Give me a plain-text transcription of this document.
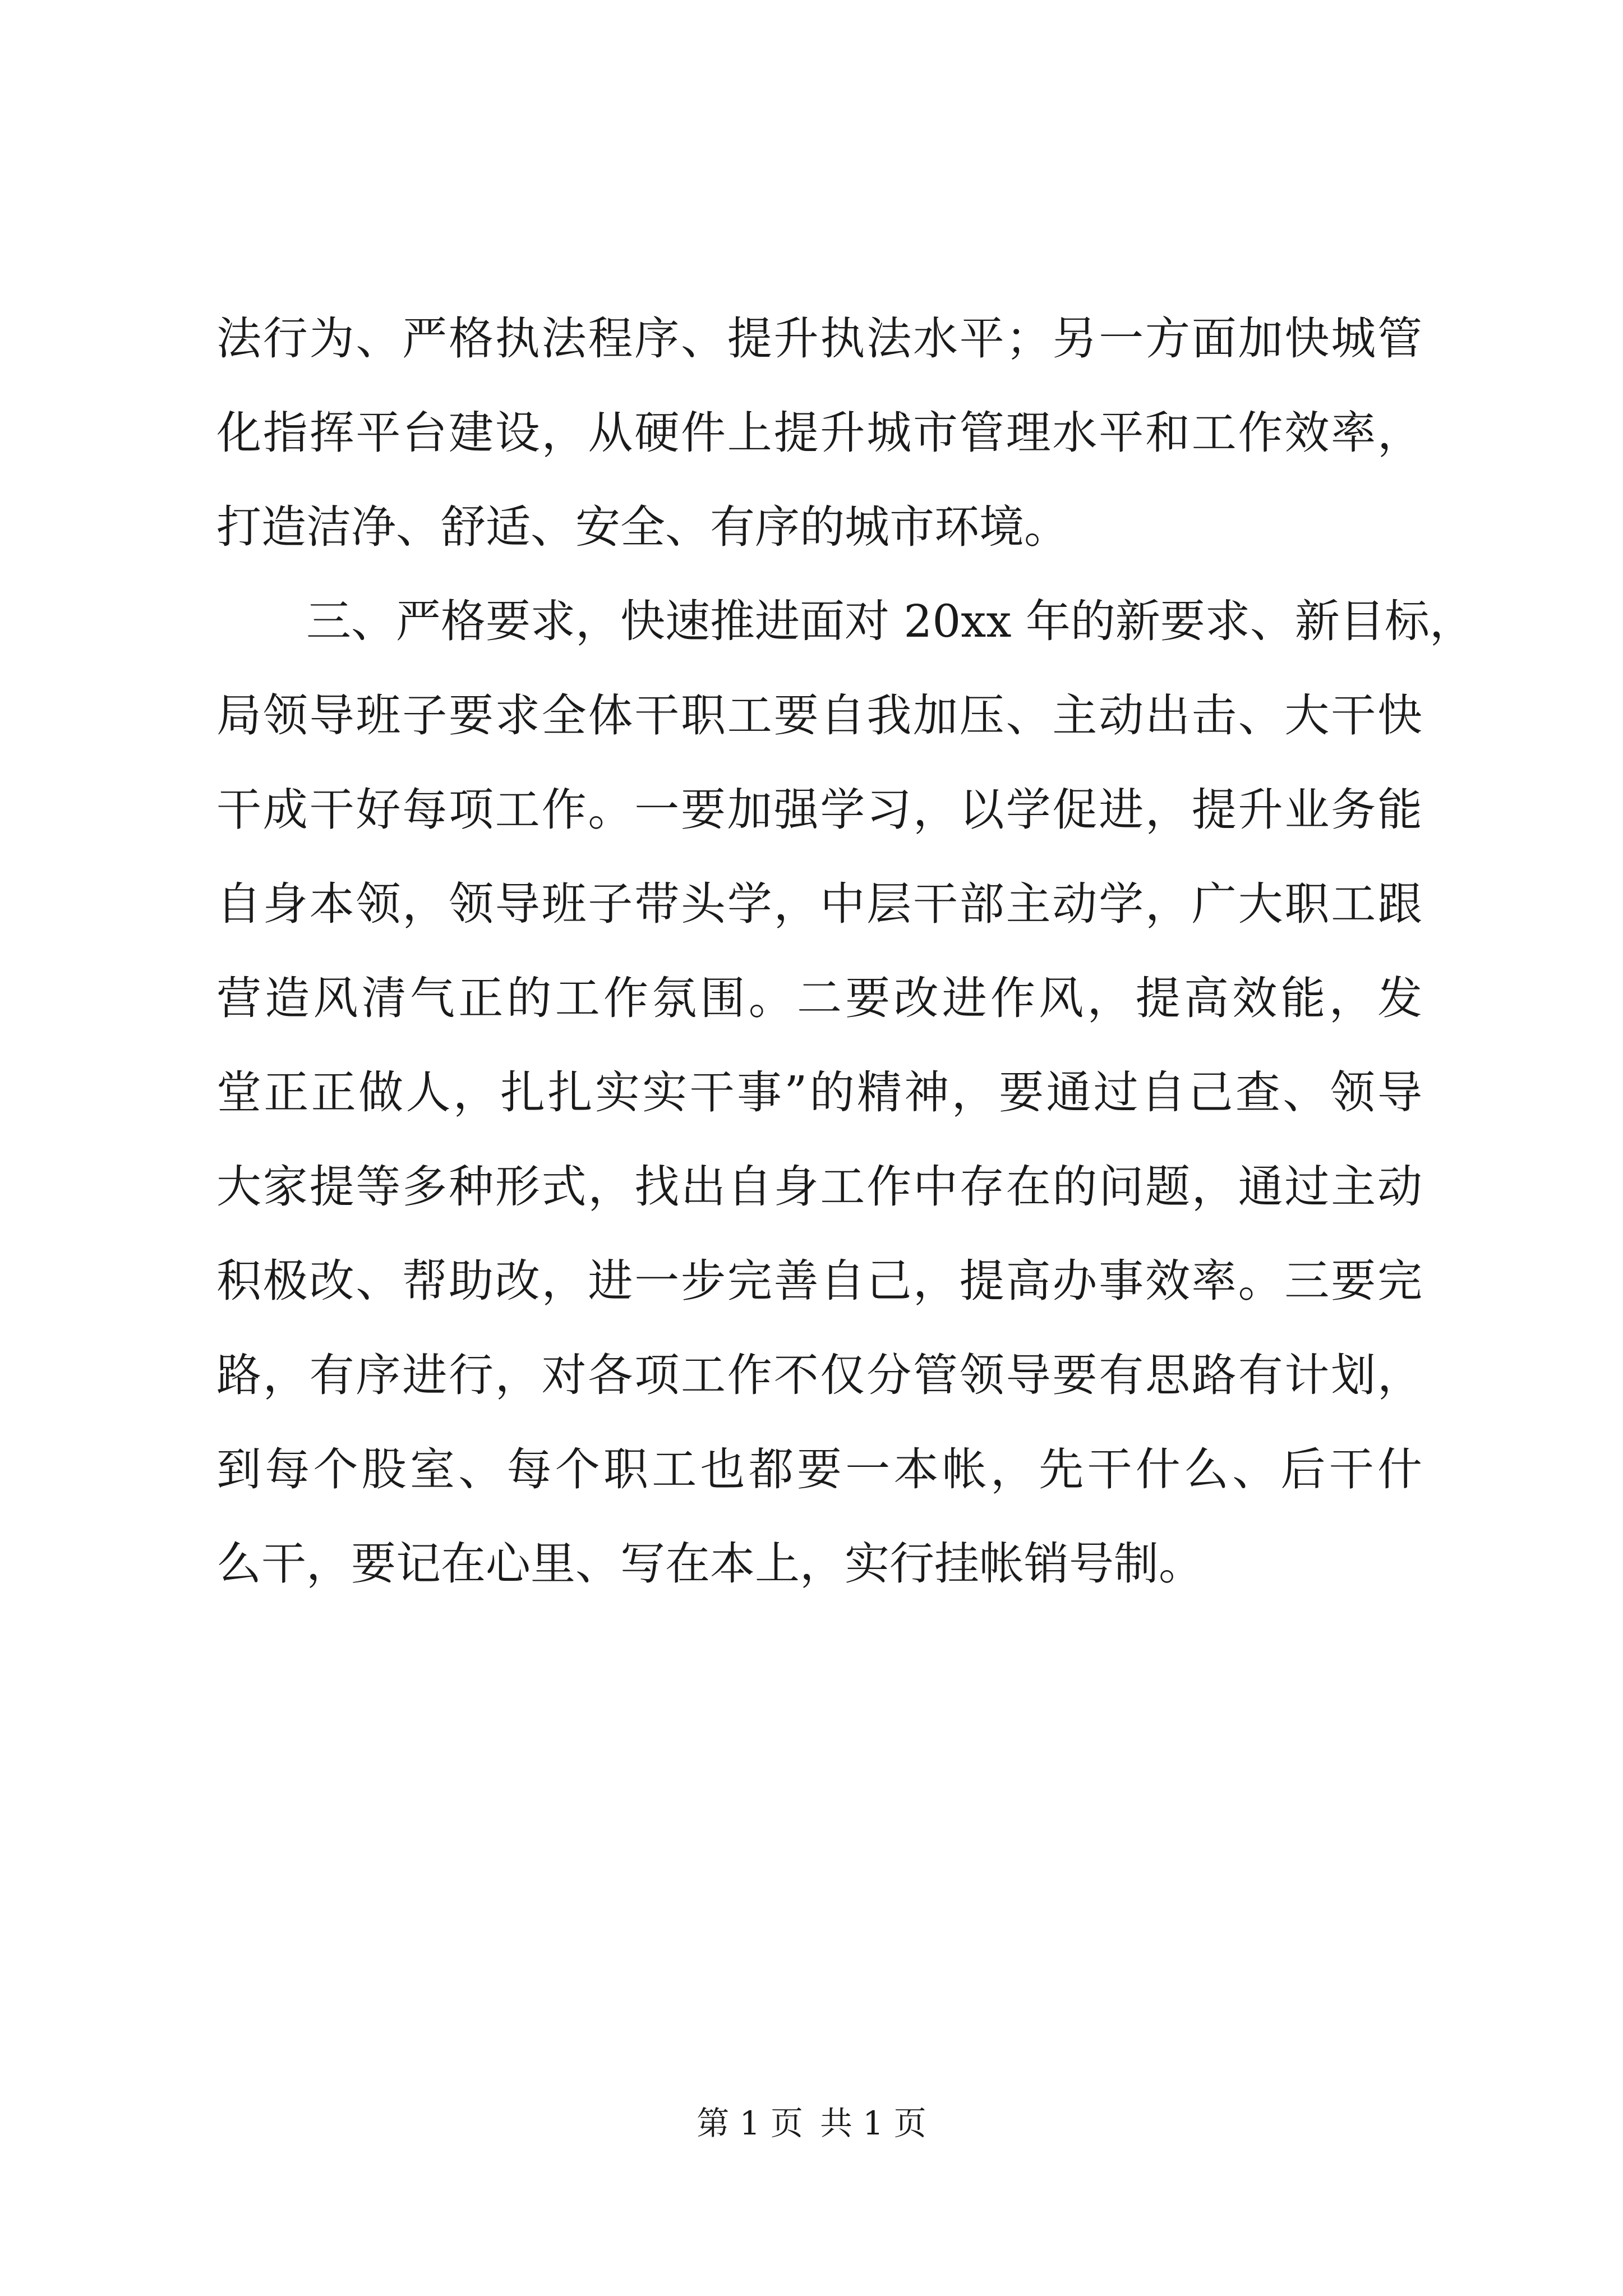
法行为、严格执法程序、提升执法水平；另一方面加快城管
化指挥平台建设，从硬件上提升城市管理水平和工作效率，
打造洁净、舒适、安全、有序的城市环境。
三、严格要求，快速推进面对 20xx 年的新要求、新目标，
局领导班子要求全体干职工要自我加压、主动出击、大干快
干成干好每项工作。一要加强学习，以学促进，提升业务能
自身本领，领导班子带头学，中层干部主动学，广大职工跟
营造风清气正的工作氛围。二要改进作风，提高效能，发
堂正正做人，扎扎实实干事”的精神，要通过自己查、领导
大家提等多种形式，找出自身工作中存在的问题，通过主动
积极改、帮助改，进一步完善自己，提高办事效率。三要完
路，有序进行，对各项工作不仅分管领导要有思路有计划，
到每个股室、每个职工也都要一本帐，先干什么、后干什
么干，要记在心里、写在本上，实行挂帐销号制。
第 1 页 共 1 页
